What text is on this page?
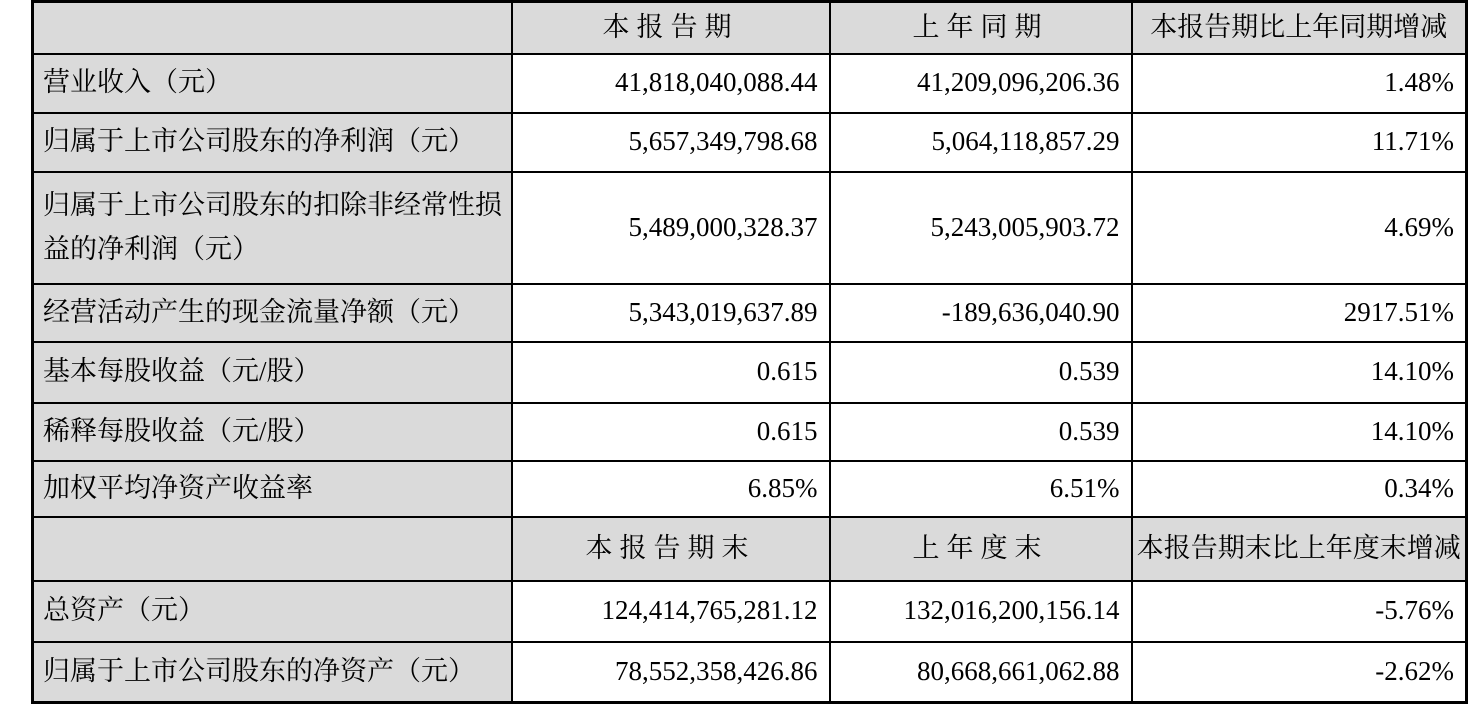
	本报告期	上年同期	本报告期比上年同期增减
营业收入（元）	41,818,040,088.44	41,209,096,206.36	1.48%
归属于上市公司股东的净利润（元）	5,657,349,798.68	5,064,118,857.29	11.71%
归属于上市公司股东的扣除非经常性损益的净利润（元）	5,489,000,328.37	5,243,005,903.72	4.69%
经营活动产生的现金流量净额（元）	5,343,019,637.89	-189,636,040.90	2917.51%
基本每股收益（元/股）	0.615	0.539	14.10%
稀释每股收益（元/股）	0.615	0.539	14.10%
加权平均净资产收益率	6.85%	6.51%	0.34%
	本报告期末	上年度末	本报告期末比上年度末增减
总资产（元）	124,414,765,281.12	132,016,200,156.14	-5.76%
归属于上市公司股东的净资产（元）	78,552,358,426.86	80,668,661,062.88	-2.62%
